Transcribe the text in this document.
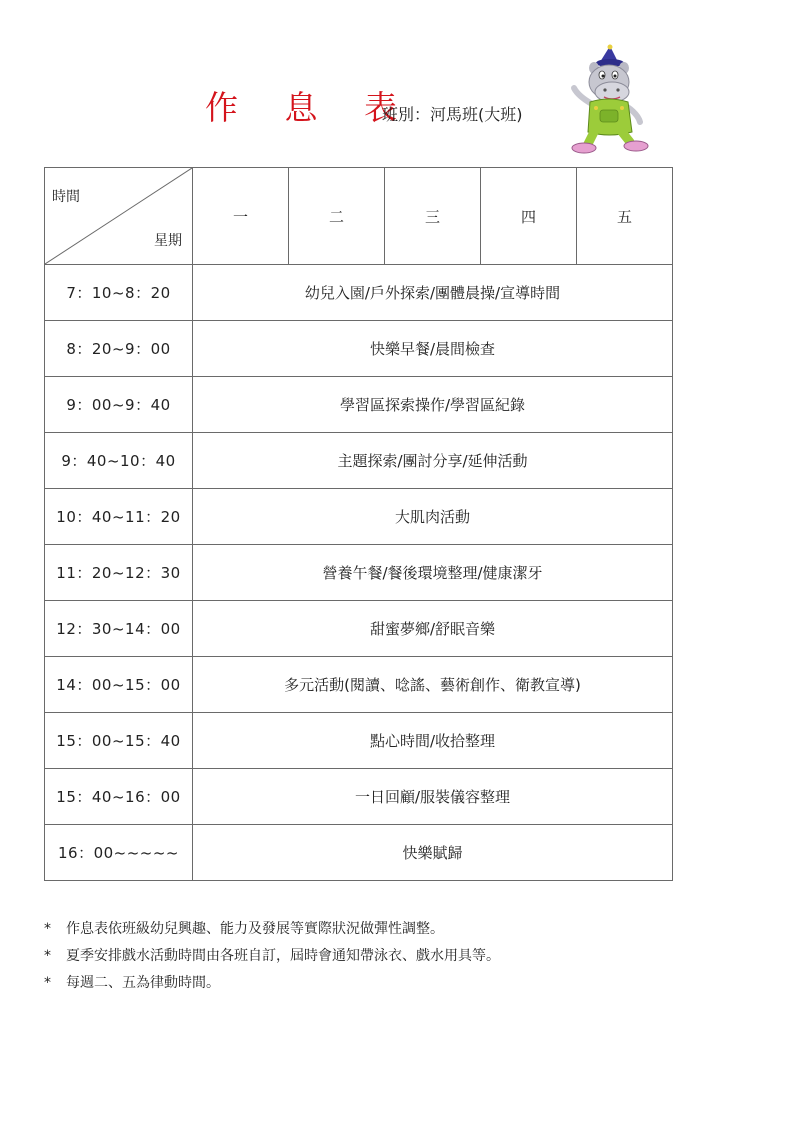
作 息 表
班別：河馬班(大班)
時間
星期	一	二	三	四	五
7：10~8：20	幼兒入園/戶外探索/團體晨操/宣導時間				
8：20~9：00	快樂早餐/晨間檢查				
9：00~9：40	學習區探索操作/學習區紀錄				
9：40~10：40	主題探索/團討分享/延伸活動				
10：40~11：20	大肌肉活動				
11：20~12：30	營養午餐/餐後環境整理/健康潔牙				
12：30~14：00	甜蜜夢鄉/舒眠音樂				
14：00~15：00	多元活動(閱讀、唸謠、藝術創作、衛教宣導)				
15：00~15：40	點心時間/收拾整理				
15：40~16：00	一日回顧/服裝儀容整理				
16：00~~~~~	快樂賦歸				
*	作息表依班級幼兒興趣、能力及發展等實際狀況做彈性調整。
*	夏季安排戲水活動時間由各班自訂，屆時會通知帶泳衣、戲水用具等。
*	每週二、五為律動時間。
